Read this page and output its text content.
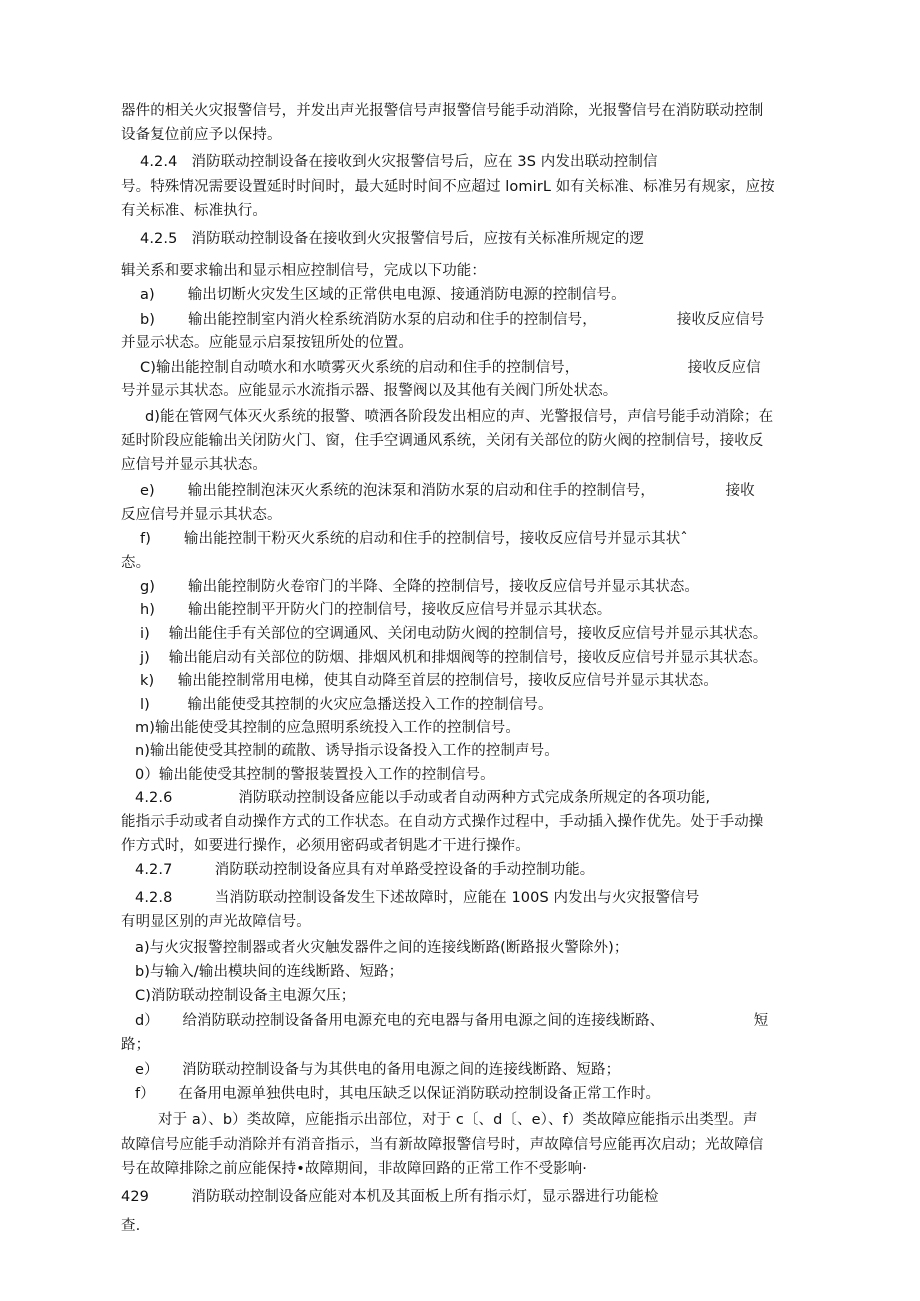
器件的相关火灾报警信号，并发出声光报警信号声报警信号能手动消除，光报警信号在消防联动控制
设备复位前应予以保持。
4.2.4   消防联动控制设备在接收到火灾报警信号后，应在 3S 内发出联动控制信
号。特殊情况需要设置延时时间时，最大延时时间不应超过 lomirL 如有关标准、标准另有规家，应按
有关标准、标准执行。
4.2.5   消防联动控制设备在接收到火灾报警信号后，应按有关标准所规定的逻
辑关系和要求输出和显示相应控制信号，完成以下功能：
a)       输出切断火灾发生区域的正常供电电源、接通消防电源的控制信号。
b)       输出能控制室内消火栓系统消防水泵的启动和住手的控制信号，                 接收反应信号
并显示状态。应能显示启泵按钮所处的位置。
C)输出能控制自动喷水和水喷雾灭火系统的启动和住手的控制信号，                       接收反应信
号并显示其状态。应能显示水流指示器、报警阀以及其他有关阀门所处状态。
d)能在管网气体灭火系统的报警、喷洒各阶段发出相应的声、光警报信号，声信号能手动消除；在
延时阶段应能输出关闭防火门、窗，住手空调通风系统，关闭有关部位的防火阀的控制信号，接收反
应信号并显示其状态。
e)       输出能控制泡沫灭火系统的泡沫泵和消防水泵的启动和住手的控制信号，               接收
反应信号并显示其状态。
f)       输出能控制干粉灭火系统的启动和住手的控制信号，接收反应信号并显示其状ˆ
态。
g)       输出能控制防火卷帘门的半降、全降的控制信号，接收反应信号并显示其状态。
h)       输出能控制平开防火门的控制信号，接收反应信号并显示其状态。
i)    输出能住手有关部位的空调通风、关闭电动防火阀的控制信号，接收反应信号并显示其状态。
j)    输出能启动有关部位的防烟、排烟风机和排烟阀等的控制信号，接收反应信号并显示其状态。
k)     输出能控制常用电梯，使其自动降至首层的控制信号，接收反应信号并显示其状态。
l)        输出能使受其控制的火灾应急播送投入工作的控制信号。
m)输出能使受其控制的应急照明系统投入工作的控制信号。
n)输出能使受其控制的疏散、诱导指示设备投入工作的控制声号。
0）输出能使受其控制的警报装置投入工作的控制信号。
4.2.6              消防联动控制设备应能以手动或者自动两种方式完成条所规定的各项功能,
能指示手动或者自动操作方式的工作状态。在自动方式操作过程中，手动插入操作优先。处于手动操
作方式时，如要进行操作，必须用密码或者钥匙才干进行操作。
4.2.7         消防联动控制设备应具有对单路受控设备的手动控制功能。
4.2.8         当消防联动控制设备发生下述故障时，应能在 100S 内发出与火灾报警信号
有明显区别的声光故障信号。
a)与火灾报警控制器或者火灾触发器件之间的连接线断路(断路报火警除外)；
b)与输入/输出模块间的连线断路、短路；
C)消防联动控制设备主电源欠压；
d）     给消防联动控制设备备用电源充电的充电器与备用电源之间的连接线断路、                   短
路；
e）     消防联动控制设备与为其供电的备用电源之间的连接线断路、短路；
f）     在备用电源单独供电时，其电压缺乏以保证消防联动控制设备正常工作时。
对于 a）、b）类故障，应能指示出部位，对于 c〔、d〔、e）、f）类故障应能指示出类型。声
故障信号应能手动消除并有消音指示，当有新故障报警信号时，声故障信号应能再次启动；光故障信
号在故障排除之前应能保持•故障期间，非故障回路的正常工作不受影响·
429         消防联动控制设备应能对本机及其面板上所有指示灯，显示器进行功能检
查.
